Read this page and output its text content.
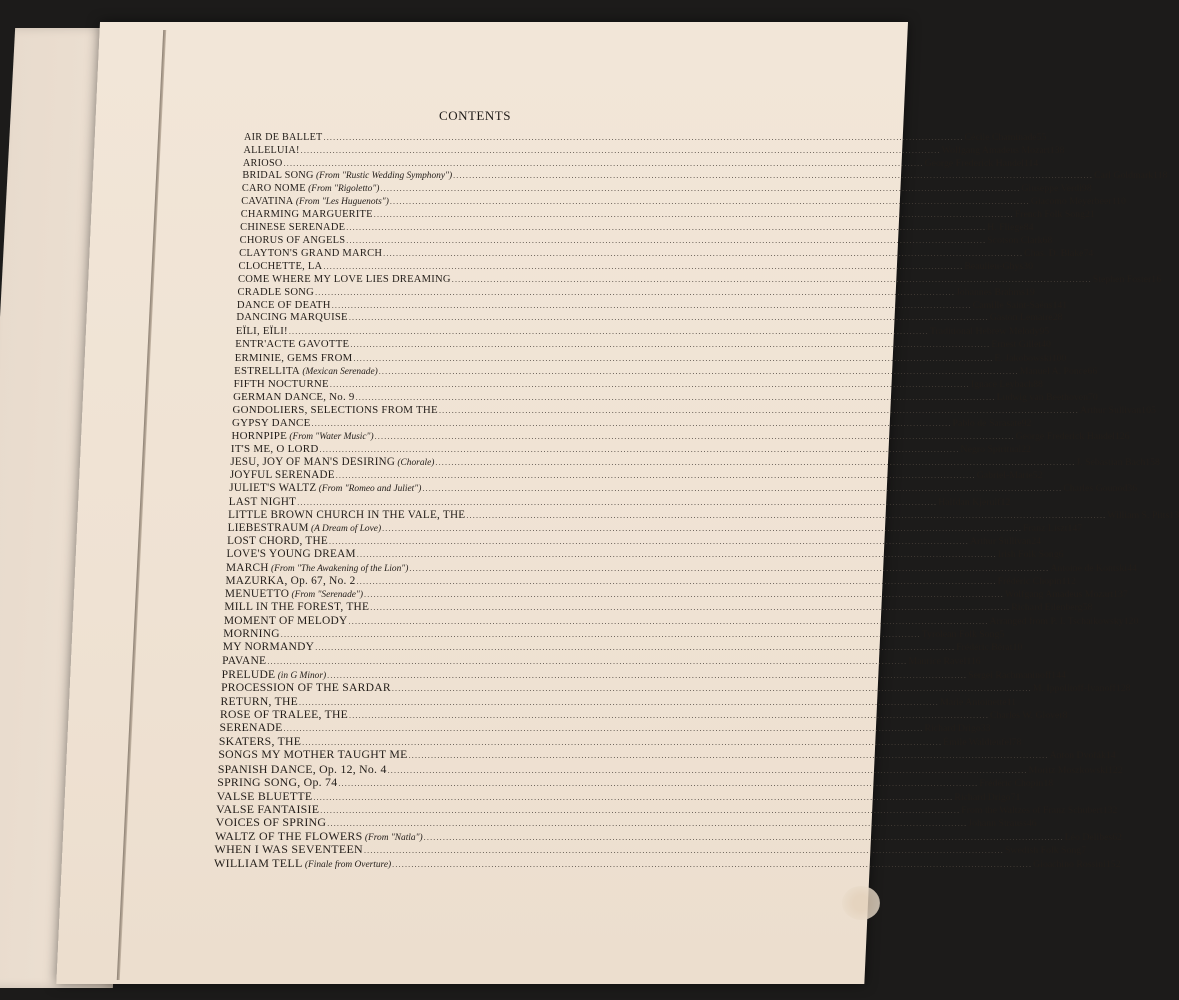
CONTENTS
AIR DE BALLET ........................................................................................................................................................................................................ Cécile Chaminade 55
ALLELUIA! ........................................................................................................................................................................................................ Wolfgang Amadeus Mozart 138
ARIOSO ........................................................................................................................................................................................................ George Frederick Handel 114
BRIDAL SONG (From "Rustic Wedding Symphony") ........................................................................................................................................................................................................ Carl Goldmark 118
CARO NOME (From "Rigoletto") ........................................................................................................................................................................................................ Giuseppe Verdi 98
CAVATINA (From "Les Huguenots") ........................................................................................................................................................................................................ Giacomo Meyerbeer 110
CHARMING MARGUERITE ........................................................................................................................................................................................................ French Folk Song 21
CHINESE SERENADE ........................................................................................................................................................................................................ H. Fliege 84
CHORUS OF ANGELS ........................................................................................................................................................................................................ Scotson Clark 68
CLAYTON'S GRAND MARCH ........................................................................................................................................................................................................ Chas. D. Blake 74
CLOCHETTE, LA ........................................................................................................................................................................................................ Beaulieu-Ghys 30
COME WHERE MY LOVE LIES DREAMING ........................................................................................................................................................................................................ Stephen Foster 16
CRADLE SONG ........................................................................................................................................................................................................ Johannes Brahms 19
DANCE OF DEATH ........................................................................................................................................................................................................ Camille Saint-Saëns 141
DANCING MARQUISE ........................................................................................................................................................................................................ Gaston Lemaire 28
EÏLI, EÏLI! ........................................................................................................................................................................................................ Traditional Hebrew Melody 95
ENTR'ACTE GAVOTTE ........................................................................................................................................................................................................ Ernest Gillet 40
ERMINIE, GEMS FROM ........................................................................................................................................................................................................ E. Jakobowski 100
ESTRELLITA (Mexican Serenade) ........................................................................................................................................................................................................ Manuel A. Ponce 66
FIFTH NOCTURNE ........................................................................................................................................................................................................ Ignace Leybach 88
GERMAN DANCE, No. 9 ........................................................................................................................................................................................................ Ludwig van Beethoven 70
GONDOLIERS, SELECTIONS FROM THE ........................................................................................................................................................................................................ Arthur Sullivan 105
GYPSY DANCE ........................................................................................................................................................................................................ Pablo de Sarasate 92
HORNPIPE (From "Water Music") ........................................................................................................................................................................................................ George Frederick Handel 126
IT'S ME, O LORD ........................................................................................................................................................................................................ Negro Spiritual 22
JESU, JOY OF MAN'S DESIRING (Chorale) ........................................................................................................................................................................................................ J. Sebastian Bach 158
JOYFUL SERENADE ........................................................................................................................................................................................................ Gabriel-Marie 52
JULIET'S WALTZ (From "Romeo and Juliet") ........................................................................................................................................................................................................ Charles Gounod 36
LAST NIGHT ........................................................................................................................................................................................................ Halfdan Kjerulf 12
LITTLE BROWN CHURCH IN THE VALE, THE ........................................................................................................................................................................................................ William S. Pitts 13
LIEBESTRAUM (A Dream of Love) ........................................................................................................................................................................................................ Franz Liszt 147
LOST CHORD, THE ........................................................................................................................................................................................................ Arthur Sullivan 24
LOVE'S YOUNG DREAM ........................................................................................................................................................................................................ Irish Folk Song 6
MARCH (From "The Awakening of the Lion") ........................................................................................................................................................................................................ Antoine de Kontski 44
MAZURKA, Op. 67, No. 2 ........................................................................................................................................................................................................ Frédéric Chopin 112
MENUETTO (From "Serenade") ........................................................................................................................................................................................................ Wolfgang Amadeus Mozart 137
MILL IN THE FOREST, THE ........................................................................................................................................................................................................ Richard Eilenberg 58
MOMENT OF MELODY ........................................................................................................................................................................................................ Arranged from P. I. Tschaikowsky 120
MORNING ........................................................................................................................................................................................................ Tyrolean Folk Song 5
MY NORMANDY ........................................................................................................................................................................................................ Frédéric Bérat 10
PAVANE ........................................................................................................................................................................................................ Maurice Ravel 116
PRELUDE (in G Minor) ........................................................................................................................................................................................................ Sergei Rachmaninoff 144
PROCESSION OF THE SARDAR ........................................................................................................................................................................................................ M. Ippolitoff-Ivanoff 128
RETURN, THE ........................................................................................................................................................................................................ Marie Antoinette 11
ROSE OF TRALEE, THE ........................................................................................................................................................................................................ Charles W. Glover 8
SERENADE ........................................................................................................................................................................................................ Richard Drigo 33
SKATERS, THE ........................................................................................................................................................................................................ Émile Waldteufel 78
SONGS MY MOTHER TAUGHT ME ........................................................................................................................................................................................................ Anton Dvořák 14
SPANISH DANCE, Op. 12, No. 4 ........................................................................................................................................................................................................ Moritz Moszkowski 122
SPRING SONG, Op. 74 ........................................................................................................................................................................................................ Frédéric Chopin 18
VALSE BLUETTE ........................................................................................................................................................................................................ Richard Drigo 71
VALSE FANTAISIE ........................................................................................................................................................................................................ From the Waltzes of Franz Schubert 132
VOICES OF SPRING ........................................................................................................................................................................................................ Johann Strauss 46
WALTZ OF THE FLOWERS (From "Natla") ........................................................................................................................................................................................................ Léo Delibes 62
WHEN I WAS SEVENTEEN ........................................................................................................................................................................................................ Swedish Folk Song 7
WILLIAM TELL (Finale from Overture) ........................................................................................................................................................................................................ Gioachino Rossini 152
